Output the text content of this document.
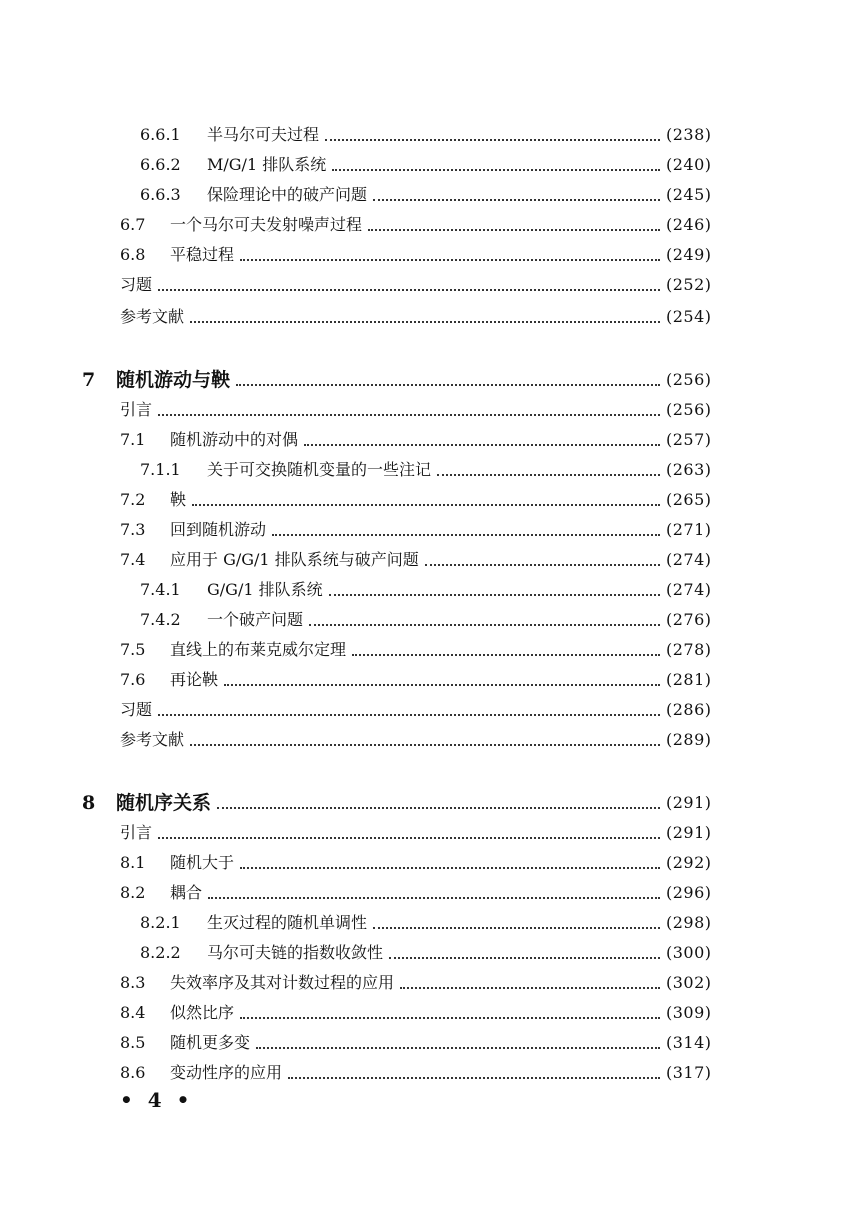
6.6.1 半马尔可夫过程	(238)
6.6.2 M/G/1 排队系统	(240)
6.6.3 保险理论中的破产问题	(245)
6.7 一个马尔可夫发射噪声过程	(246)
6.8 平稳过程	(249)
习题	(252)
参考文献	(254)
7 随机游动与鞅	(256)
引言	(256)
7.1 随机游动中的对偶	(257)
7.1.1 关于可交换随机变量的一些注记	(263)
7.2 鞅	(265)
7.3 回到随机游动	(271)
7.4 应用于 G/G/1 排队系统与破产问题	(274)
7.4.1 G/G/1 排队系统	(274)
7.4.2 一个破产问题	(276)
7.5 直线上的布莱克威尔定理	(278)
7.6 再论鞅	(281)
习题	(286)
参考文献	(289)
8 随机序关系	(291)
引言	(291)
8.1 随机大于	(292)
8.2 耦合	(296)
8.2.1 生灭过程的随机单调性	(298)
8.2.2 马尔可夫链的指数收敛性	(300)
8.3 失效率序及其对计数过程的应用	(302)
8.4 似然比序	(309)
8.5 随机更多变	(314)
8.6 变动性序的应用	(317)
• 4 •
